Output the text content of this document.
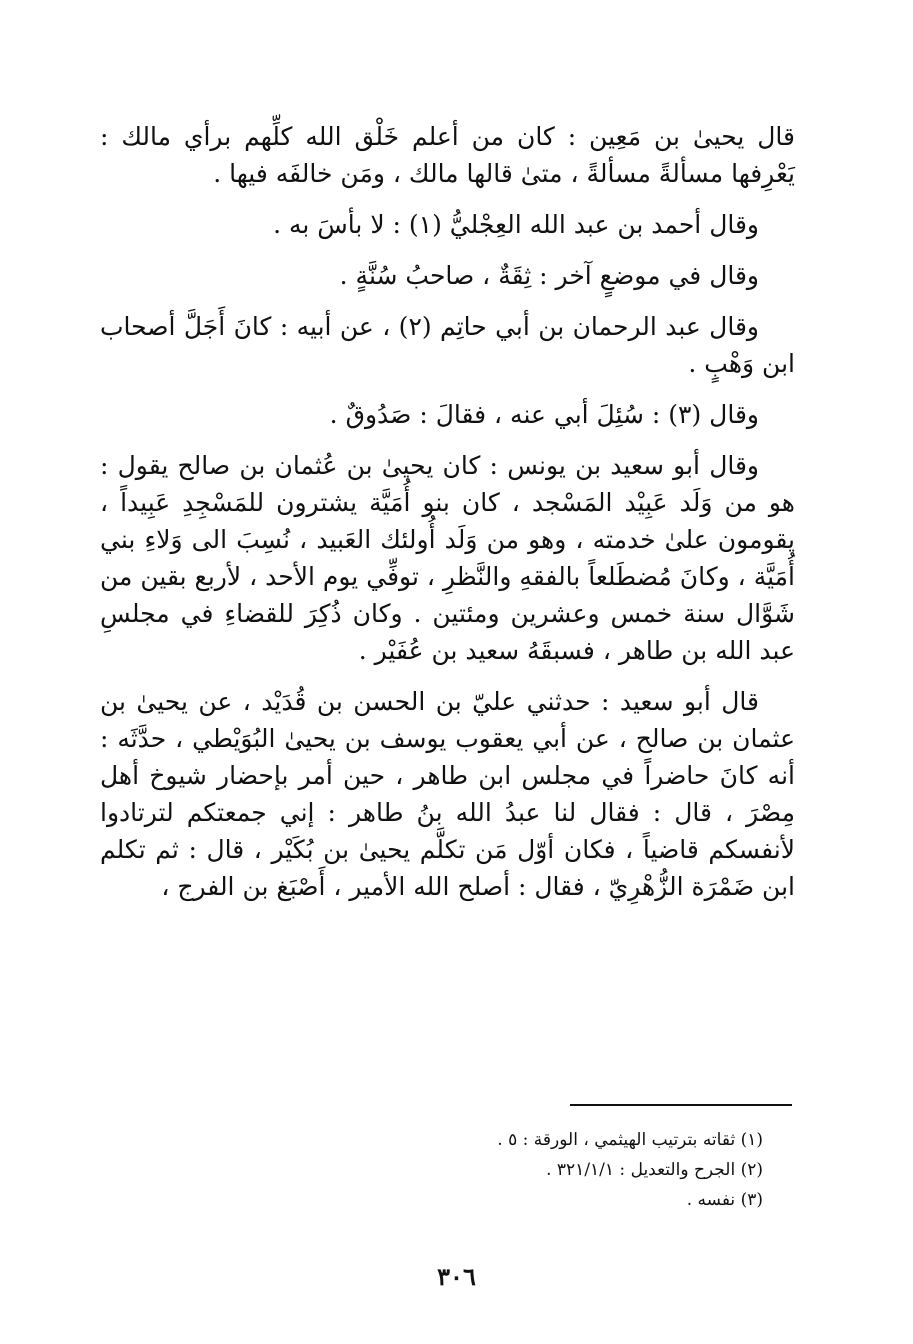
قال يحيىٰ بن مَعِين : كان من أعلم خَلْق الله كلِّهم برأي مالك : يَعْرِفها مسألةً مسألةً ، متىٰ قالها مالك ، ومَن خالفَه فيها .

وقال أحمد بن عبد الله العِجْليُّ (١) : لا بأسَ به .

وقال في موضعٍ آخر : ثِقَةٌ ، صاحبُ سُنَّةٍ .

وقال عبد الرحمان بن أبي حاتِم (٢) ، عن أبيه : كانَ أَجَلَّ أصحاب ابن وَهْبٍ .

وقال (٣) : سُئِلَ أبي عنه ، فقالَ : صَدُوقٌ .

وقال أبو سعيد بن يونس : كان يحيىٰ بن عُثمان بن صالح يقول : هو من وَلَد عَبِيْد المَسْجد ، كان بنو أُمَيَّة يشترون للمَسْجِدِ عَبِيداً ، يقومون علىٰ خدمته ، وهو من وَلَد أُولئك العَبيد ، نُسِبَ الى وَلاءِ بني أُمَيَّة ، وكانَ مُضطَلعاً بالفقهِ والنَّظرِ ، توفِّي يوم الأحد ، لأربع بقين من شَوَّال سنة خمس وعشرين ومئتين . وكان ذُكِرَ للقضاءِ في مجلسِ عبد الله بن طاهر ، فسبقَهُ سعيد بن عُفَيْر .

قال أبو سعيد : حدثني عليّ بن الحسن بن قُدَيْد ، عن يحيىٰ بن عثمان بن صالح ، عن أبي يعقوب يوسف بن يحيىٰ البُوَيْطي ، حدَّثَه : أنه كانَ حاضراً في مجلس ابن طاهر ، حين أمر بإحضار شيوخ أهل مِصْرَ ، قال : فقال لنا عبدُ الله بنُ طاهر : إني جمعتكم لترتادوا لأنفسكم قاضياً ، فكان أوّل مَن تكلَّم يحيىٰ بن بُكَيْر ، قال : ثم تكلم ابن ضَمْرَة الزُّهْرِيّ ، فقال : أصلح الله الأمير ، أَصْبَغ بن الفرج ،

(١) ثقاته بترتيب الهيثمي ، الورقة : ٥ .
(٢) الجرح والتعديل : ٣٢١/١/١ .
(٣) نفسه .
٣٠٦
